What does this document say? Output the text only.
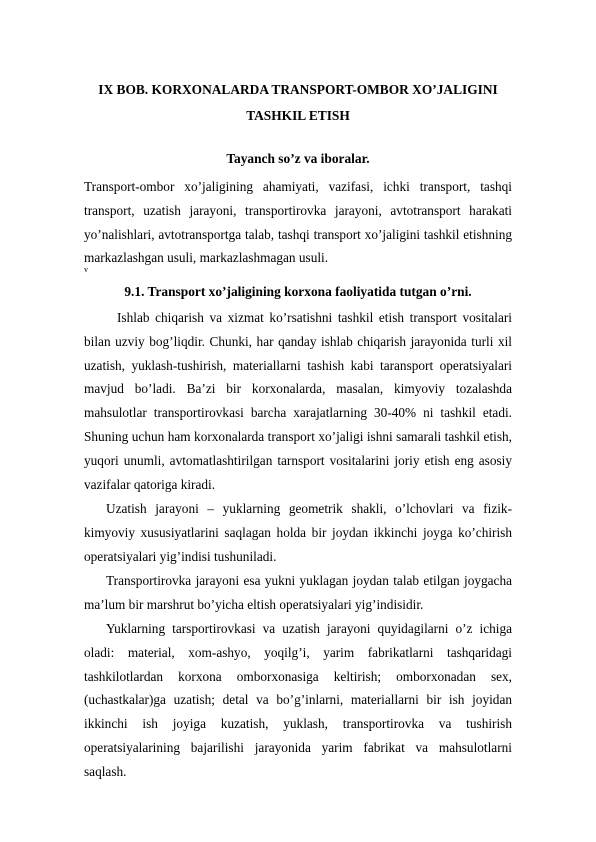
IX BOB. KORXONALARDA TRANSPORT-OMBOR XO’JALIGINI
TASHKIL ETISH
Tayanch so’z va iboralar.
Transport-ombor xo’jaligining ahamiyati, vazifasi, ichki transport, tashqi transport, uzatish jarayoni, transportirovka jarayoni, avtotransport harakati yo’nalishlari, avtotransportga talab, tashqi transport xo’jaligini tashkil etishning markazlashgan usuli, markazlashmagan usuli.
v
9.1. Transport xo’jaligining korxona faoliyatida tutgan o’rni.
Ishlab chiqarish va xizmat ko’rsatishni tashkil etish transport vositalari bilan uzviy bog’liqdir. Chunki, har qanday ishlab chiqarish jarayonida turli xil uzatish, yuklash-tushirish, materiallarni tashish kabi taransport operatsiyalari mavjud bo’ladi. Ba’zi bir korxonalarda, masalan, kimyoviy tozalashda mahsulotlar transportirovkasi barcha xarajatlarning 30-40% ni tashkil etadi. Shuning uchun ham korxonalarda transport xo’jaligi ishni samarali tashkil etish, yuqori unumli, avtomatlashtirilgan tarnsport vositalarini joriy etish eng asosiy vazifalar qatoriga kiradi.
Uzatish jarayoni – yuklarning geometrik shakli, o’lchovlari va fizik-kimyoviy xususiyatlarini saqlagan holda bir joydan ikkinchi joyga ko’chirish operatsiyalari yig’indisi tushuniladi.
Transportirovka jarayoni esa yukni yuklagan joydan talab etilgan joygacha ma’lum bir marshrut bo’yicha eltish operatsiyalari yig’indisidir.
Yuklarning tarsportirovkasi va uzatish jarayoni quyidagilarni o’z ichiga oladi: material, xom-ashyo, yoqilg’i, yarim fabrikatlarni tashqaridagi tashkilotlardan korxona omborxonasiga keltirish; omborxonadan sex, (uchastkalar)ga uzatish; detal va bo’g’inlarni, materiallarni bir ish joyidan ikkinchi ish joyiga kuzatish, yuklash, transportirovka va tushirish operatsiyalarining bajarilishi jarayonida yarim fabrikat va mahsulotlarni saqlash.
